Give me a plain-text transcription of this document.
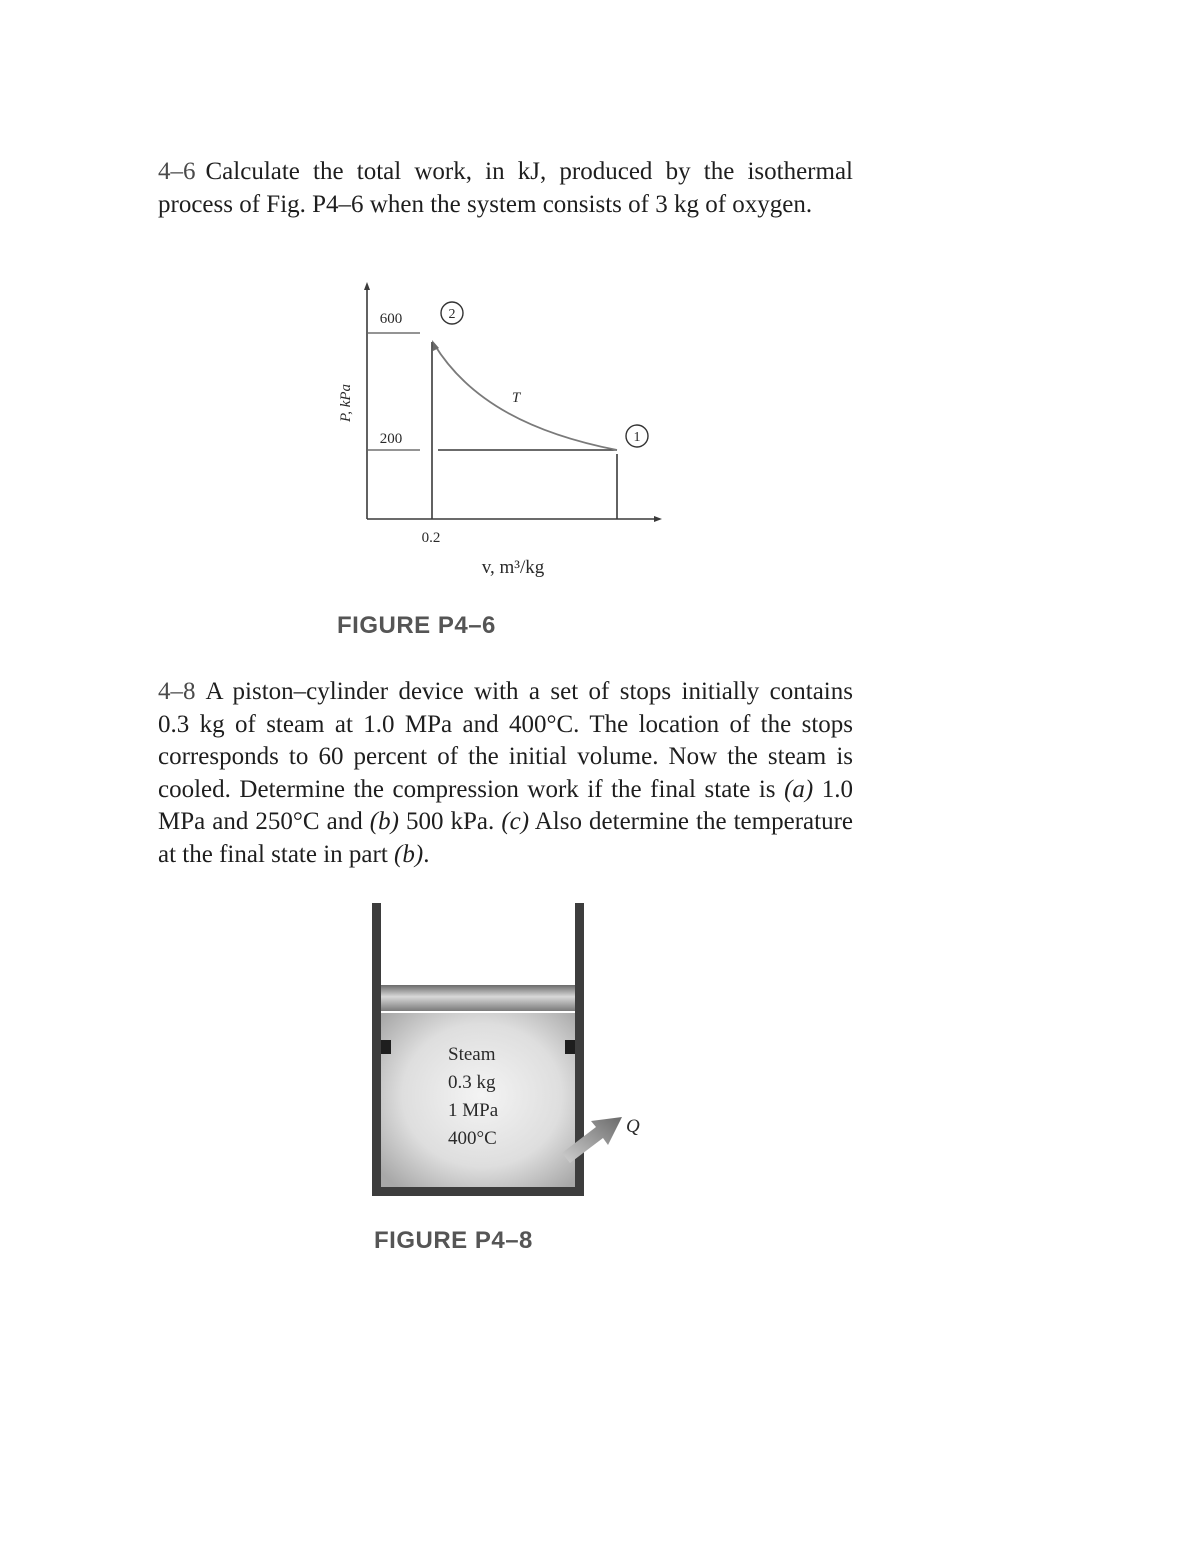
4–6 Calculate the total work, in kJ, produced by the isothermal process of Fig. P4–6 when the system consists of 3 kg of oxygen.
P, kPa
600
200
0.2
T
2
1
v, m³/kg
FIGURE P4–6
4–8 A piston–cylinder device with a set of stops initially contains 0.3 kg of steam at 1.0 MPa and 400°C. The location of the stops corresponds to 60 percent of the initial volume. Now the steam is cooled. Determine the compression work if the final state is (a) 1.0 MPa and 250°C and (b) 500 kPa. (c) Also determine the temperature at the final state in part (b).
Steam
0.3 kg
1 MPa
400°C
Q
FIGURE P4–8
